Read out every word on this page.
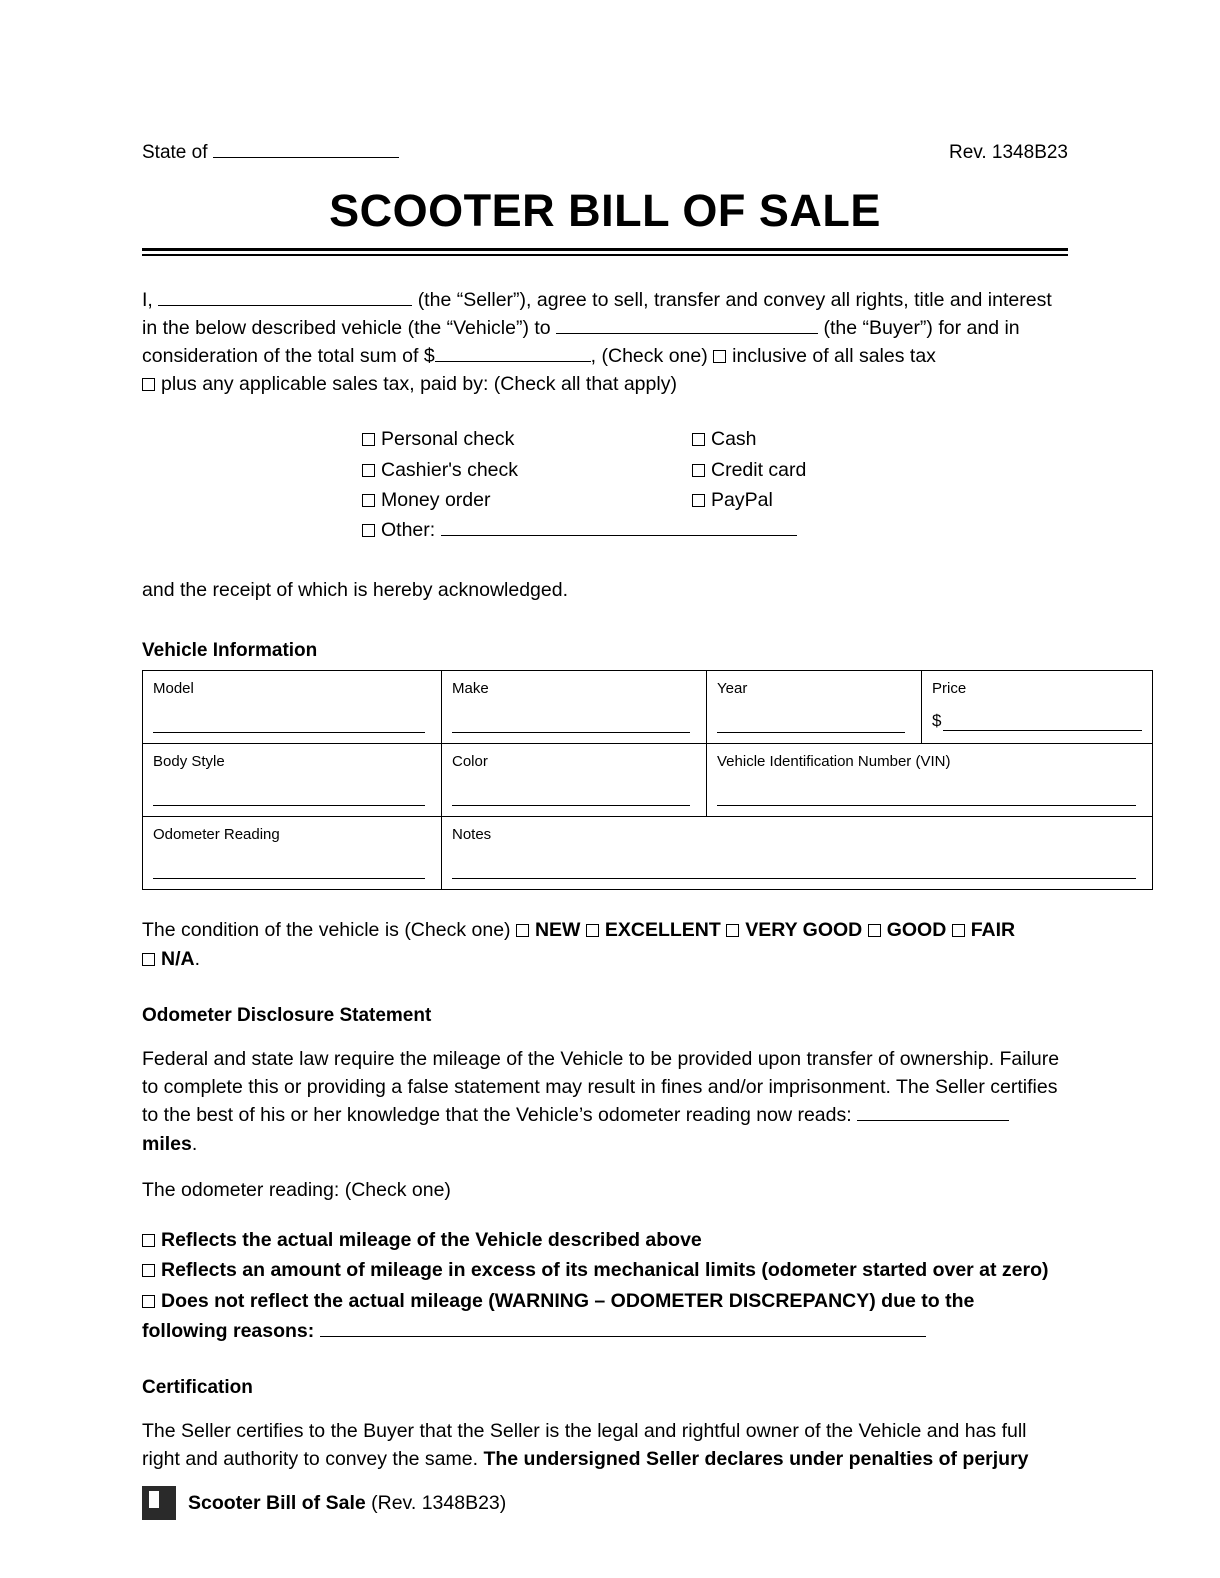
State of	Rev. 1348B23
SCOOTER BILL OF SALE
I,	(the “Seller”), agree to sell, transfer and convey all rights, title and interest in the below described vehicle (the “Vehicle”) to	(the “Buyer”) for and in consideration of the total sum of $	, (Check one) inclusive of all sales tax
plus any applicable sales tax, paid by: (Check all that apply)
Personal check	Cash
Cashier's check	Credit card
Money order	PayPal
Other:
and the receipt of which is hereby acknowledged.
Vehicle Information
Model	Make	Year	Price
$

Body Style	Color	Vehicle Identification Number (VIN)	

Odometer Reading	Notes		
The condition of the vehicle is (Check one) NEW EXCELLENT VERY GOOD GOOD FAIR
N/A.
Odometer Disclosure Statement
Federal and state law require the mileage of the Vehicle to be provided upon transfer of ownership. Failure to complete this or providing a false statement may result in fines and/or imprisonment. The Seller certifies to the best of his or her knowledge that the Vehicle’s odometer reading now reads:  miles.
The odometer reading: (Check one)
Reflects the actual mileage of the Vehicle described above
Reflects an amount of mileage in excess of its mechanical limits (odometer started over at zero)
Does not reflect the actual mileage (WARNING – ODOMETER DISCREPANCY) due to the
following reasons:
Certification
The Seller certifies to the Buyer that the Seller is the legal and rightful owner of the Vehicle and has full right and authority to convey the same. The undersigned Seller declares under penalties of perjury
Scooter Bill of Sale (Rev. 1348B23)
